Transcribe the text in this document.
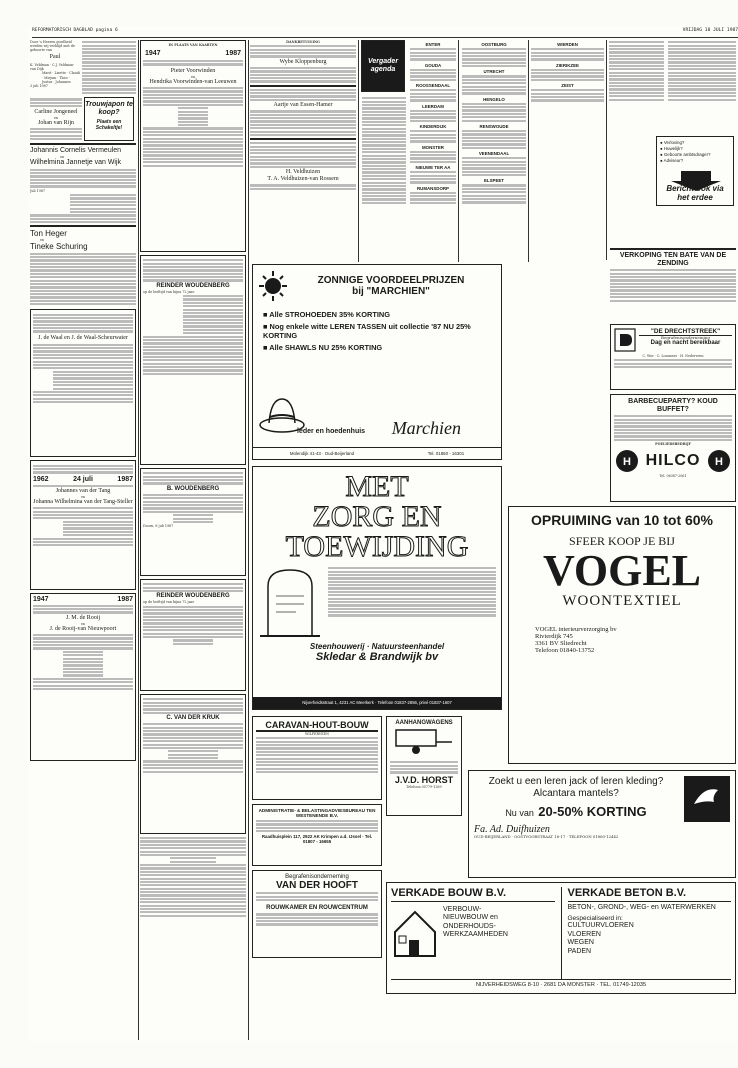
REFORMATORISCH DAGBLAD pagina 6	VRIJDAG 10 JULI 1987
Door 's Heeren goedheid werden wij verblijd met de geboorte van
Paul
K. Veldman · C.J. Veldman-van Dijk
Marit · Lisette · Claudi · Mirjam · Theo · Justus · Johannes
3 juli 1987
Carline Jongeneel
en
Johan van Rijn
Trouwjapon te koop?
Plaats een Schakeltje!
Johannis Cornelis Vermeulen
en
Wilhelmina Jannetje van Wijk
Juli 1987
Ton Heger
en
Tineke Schuring
J. de Waal en J. de Waal-Scheurwater
1962	24 juli	1987
Johannes van der Tang
en
Johanna Wilhelmina van der Tang-Steller
1947	1987
J. M. de Rooij
en
J. de Rooij-van Nieuwpoort
IN PLAATS VAN KAARTEN
1947	1987
Pieter Voorwinden
en
Hendrika Voorwinden-van Leeuwen
REINDER WOUDENBERG
op de leeftijd van bijna 72 jaar.
B. WOUDENBERG
Doorn, 8 juli 1987
REINDER WOUDENBERG
op de leeftijd van bijna 72 jaar
C. VAN DER KRUK
DANKBETUIGING
Wybe Kloppenburg
Aartje van Essen-Hamer
H. Veldhuizen
T. A. Veldhuizen-van Rossem
Vergader agenda
ENTER
GOUDA
ROOSSENDAAL
LEERDAM
KINDERDIJK
MONSTER
NIEUWE TER AA
RUMANSDORP
OOSTBURG
UTRECHT
HENGELO
RENSWOUDE
VEENENDAAL
ELSPEET
WIERDEN
ZIERIKZEE
ZEIST
● Verloving?
● Huwelijk?
● Geboorte ambtsdrager?
● Adviseur?
Bericht ook via het erdee
VERKOPING TEN BATE VAN DE ZENDING
ZONNIGE VOORDEELPRIJZEN
bij "MARCHIEN"
■ Alle STROHOEDEN 35% KORTING
■ Nog enkele witte LEREN TASSEN uit collectie '87 NU 25% KORTING
■ Alle SHAWLS NU 25% KORTING
leder en hoedenhuis Marchien
Molendijk 41-43 · Oud-Beijerland	Tel. 01860 - 16301
"DE DRECHTSTREEK"
Begrafenisonderneming
Dag en nacht bereikbaar
C. Wor · C. Lommers · H. Nederveen
BARBECUEPARTY? KOUD BUFFET?
POELIERSBEDRIJF
H HILCO H
Tel. 06387-2061
MET
ZORG EN
TOEWIJDING
Steenhouwerij · Natuursteenhandel
Skledar & Brandwijk bv
Nijverheidsstraat 1, 4231 AC Meerkerk · Telefoon 01837-2856, privé 01837-1607
OPRUIMING van 10 tot 60%
SFEER KOOP JE BIJ
VOGEL
WOONTEXTIEL
VOGEL interieurverzorging bv
Rivierdijk 745
3361 BV Sliedrecht
Telefoon 01840-13752
CARAVAN-HOUT-BOUW
WILPERVEEN
ADMINISTRATIE- & BELASTINGADVIESBUREAU TEN WESTENENDE B.V.
Raadhuisplein 117, 2922 AK Krimpen a.d. IJssel · Tel. 01807 - 16655
Begrafenisonderneming
VAN DER HOOFT
ROUWKAMER EN ROUWCENTRUM
AANHANGWAGENS
J.V.D. HORST
Telefoon 05779-1289	Zoekt u een leren jack of leren kleding? Alcantara mantels?
Nu van 20-50% KORTING
Fa. Ad. Duifhuizen
OUD-BEIJERLAND · OOSTVOORSTRAAT 16-17 · TELEFOON 01860-12442
VERKADE BOUW B.V.
VERBOUW-
NIEUWBOUW en
ONDERHOUDS-
WERKZAAMHEDEN
VERKADE BETON B.V.
BETON-, GROND-, WEG- en WATERWERKEN
Gespecialiseerd in:
CULTUURVLOEREN
VLOEREN
WEGEN
PADEN
NIJVERHEIDSWEG 8-10 · 2681 DA MONSTER · TEL. 01749-12035
